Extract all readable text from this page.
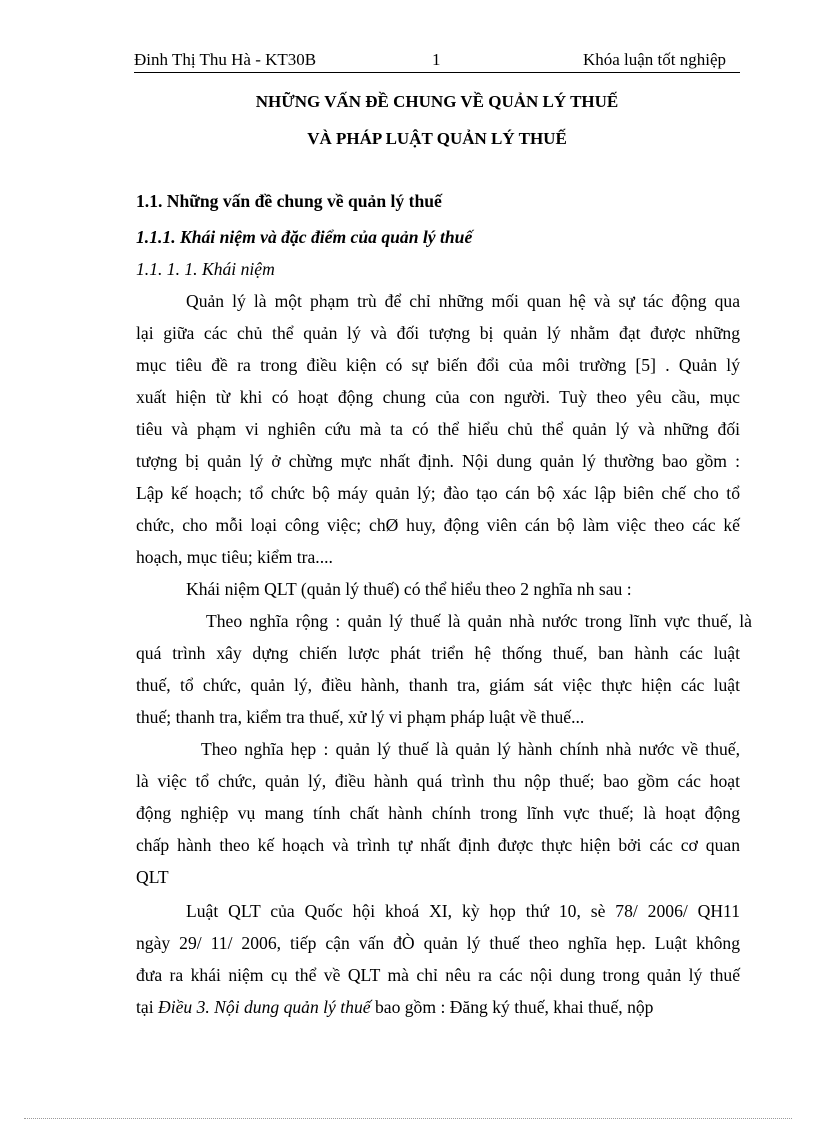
Đinh Thị Thu Hà - KT30B	1	Khóa luận tốt nghiệp
NHỮNG VẤN ĐỀ CHUNG VỀ QUẢN LÝ THUẾ
VÀ PHÁP LUẬT QUẢN LÝ THUẾ
1.1. Những vấn đề chung về quản lý thuế
1.1.1. Khái niệm và đặc điểm của quản lý thuế
1.1. 1. 1. Khái niệm
Quản lý là một phạm trù để chỉ những mối quan hệ và sự tác động qua
lại giữa các chủ thể quản lý và đối tượng bị quản lý nhằm đạt được những
mục tiêu đề ra trong điều kiện có sự biến đổi của môi trường [5] . Quản lý
xuất hiện từ khi có hoạt động chung của con người. Tuỳ theo yêu cầu, mục
tiêu và phạm vi nghiên cứu mà ta có thể hiểu chủ thể quản lý và những đối
tượng bị quản lý ở chừng mực nhất định. Nội dung quản lý thường bao gồm :
Lập kế hoạch; tổ chức bộ máy quản lý; đào tạo cán bộ xác lập biên chế cho tổ
chức, cho mỗi loại công việc; chØ huy, động viên cán bộ làm việc theo các kế
hoạch, mục tiêu; kiểm tra....
Khái niệm QLT (quản lý thuế) có thể hiểu theo 2 nghĩa nh sau :
Theo nghĩa rộng : quản lý thuế là quản nhà nước trong lĩnh vực thuế, là
quá trình xây dựng chiến lược phát triển hệ thống thuế, ban hành các luật
thuế, tổ chức, quản lý, điều hành, thanh tra, giám sát việc thực hiện các luật
thuế; thanh tra, kiểm tra thuế, xử lý vi phạm pháp luật về thuế...
Theo nghĩa hẹp : quản lý thuế là quản lý hành chính nhà nước về thuế,
là việc tổ chức, quản lý, điều hành quá trình thu nộp thuế; bao gồm các hoạt
động nghiệp vụ mang tính chất hành chính trong lĩnh vực thuế; là hoạt động
chấp hành theo kế hoạch và trình tự nhất định được thực hiện bởi các cơ quan
QLT
Luật QLT của Quốc hội khoá XI, kỳ họp thứ 10, sè 78/ 2006/ QH11
ngày 29/ 11/ 2006, tiếp cận vấn đÒ quản lý thuế theo nghĩa hẹp. Luật không
đưa ra khái niệm cụ thể về QLT mà chỉ nêu ra các nội dung trong quản lý thuế
tại Điều 3. Nội dung quản lý thuế bao gồm : Đăng ký thuế, khai thuế, nộp
